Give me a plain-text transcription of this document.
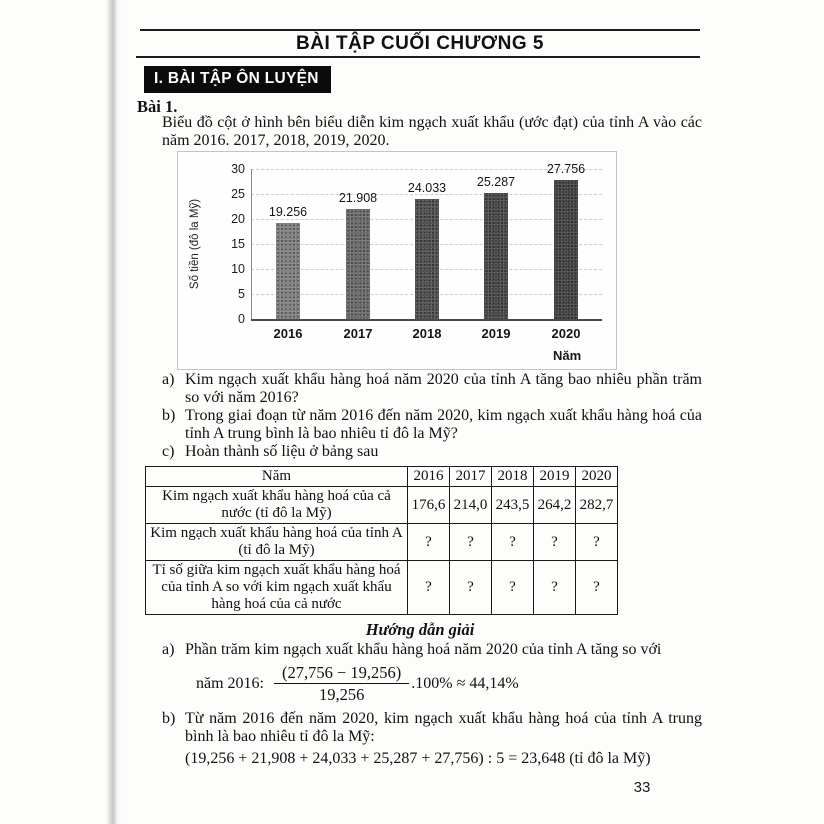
BÀI TẬP CUỐI CHƯƠNG 5
I. BÀI TẬP ÔN LUYỆN
Bài 1.
Biểu đồ cột ở hình bên biểu diễn kim ngạch xuất khẩu (ước đạt) của tỉnh A vào các năm 2016. 2017, 2018, 2019, 2020.
Số tiền (đô la Mỹ)
Năm
0
5
10
15
20
25
30
19.256
2016
21.908
2017
24.033
2018
25.287
2019
27.756
2020
a) Kim ngạch xuất khẩu hàng hoá năm 2020 của tỉnh A tăng bao nhiêu phần trăm so với năm 2016?
b) Trong giai đoạn từ năm 2016 đến năm 2020, kim ngạch xuất khẩu hàng hoá của tỉnh A trung bình là bao nhiêu tỉ đô la Mỹ?
c) Hoàn thành số liệu ở bảng sau
Năm	2016	2017	2018	2019	2020
Kim ngạch xuất khẩu hàng hoá của cả nước (tỉ đô la Mỹ)	176,6	214,0	243,5	264,2	282,7
Kim ngạch xuất khẩu hàng hoá của tỉnh A (tỉ đô la Mỹ)	?	?	?	?	?
Tỉ số giữa kim ngạch xuất khẩu hàng hoá của tỉnh A so với kim ngạch xuất khẩu hàng hoá của cả nước	?	?	?	?	?
Hướng dẫn giải
a) Phần trăm kim ngạch xuất khẩu hàng hoá năm 2020 của tỉnh A tăng so với
năm 2016: $\frac{(27,756 - 19,256)}{19,256} .100\% \approx 44,14\%$
b) Từ năm 2016 đến năm 2020, kim ngạch xuất khẩu hàng hoá của tỉnh A trung bình là bao nhiêu tỉ đô la Mỹ:
(19,256 + 21,908 + 24,033 + 25,287 + 27,756) : 5 = 23,648 (tỉ đô la Mỹ)
33
